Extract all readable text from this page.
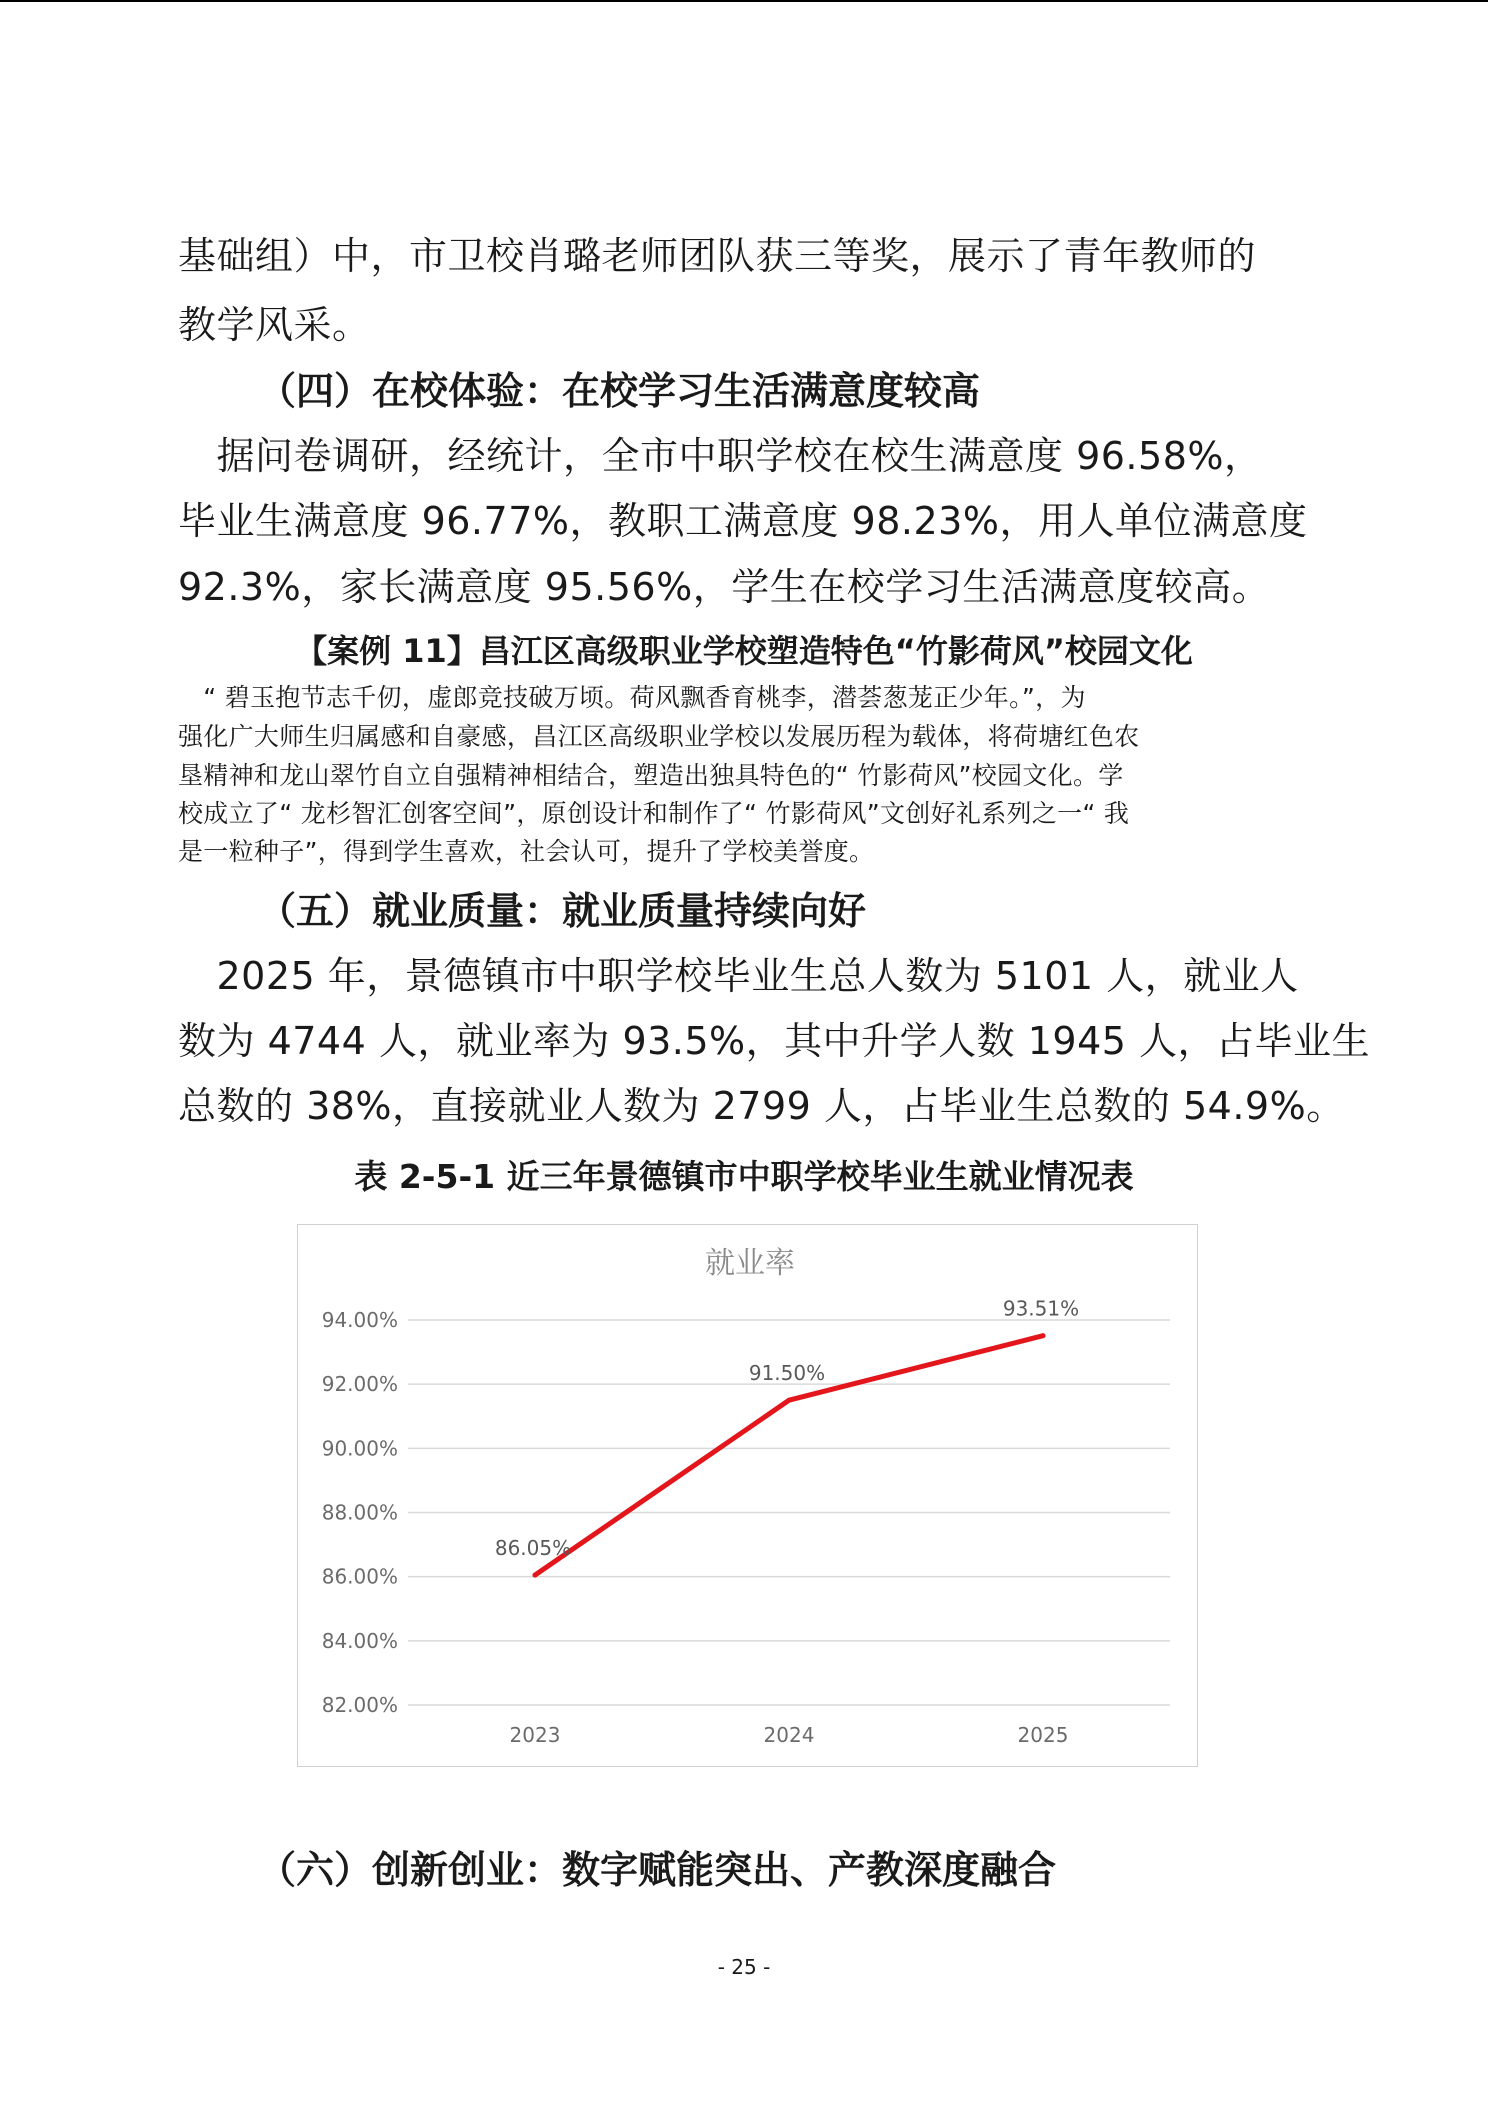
基础组）中，市卫校肖璐老师团队获三等奖，展示了青年教师的
教学风采。
（四）在校体验：在校学习生活满意度较高
　据问卷调研，经统计，全市中职学校在校生满意度 96.58%，
毕业生满意度 96.77%，教职工满意度 98.23%，用人单位满意度
92.3%，家长满意度 95.56%，学生在校学习生活满意度较高。
【案例 11】昌江区高级职业学校塑造特色“竹影荷风”校园文化
　“ 碧玉抱节志千仞，虚郎竞技破万顷。荷风飘香育桃李，潜荟葱茏正少年。”，为
强化广大师生归属感和自豪感，昌江区高级职业学校以发展历程为载体，将荷塘红色农
垦精神和龙山翠竹自立自强精神相结合，塑造出独具特色的“ 竹影荷风”校园文化。学
校成立了“ 龙杉智汇创客空间”，原创设计和制作了“ 竹影荷风”文创好礼系列之一“ 我
是一粒种子”，得到学生喜欢，社会认可，提升了学校美誉度。
（五）就业质量：就业质量持续向好
　2025 年，景德镇市中职学校毕业生总人数为 5101 人，就业人
数为 4744 人，就业率为 93.5%，其中升学人数 1945 人，占毕业生
总数的 38%，直接就业人数为 2799 人，占毕业生总数的 54.9%。
表 2-5-1 近三年景德镇市中职学校毕业生就业情况表
就业率
82.00%
84.00%
86.00%
88.00%
90.00%
92.00%
94.00%
2023	2024	2025
86.05%
91.50%
93.51%
（六）创新创业：数字赋能突出、产教深度融合
- 25 -
